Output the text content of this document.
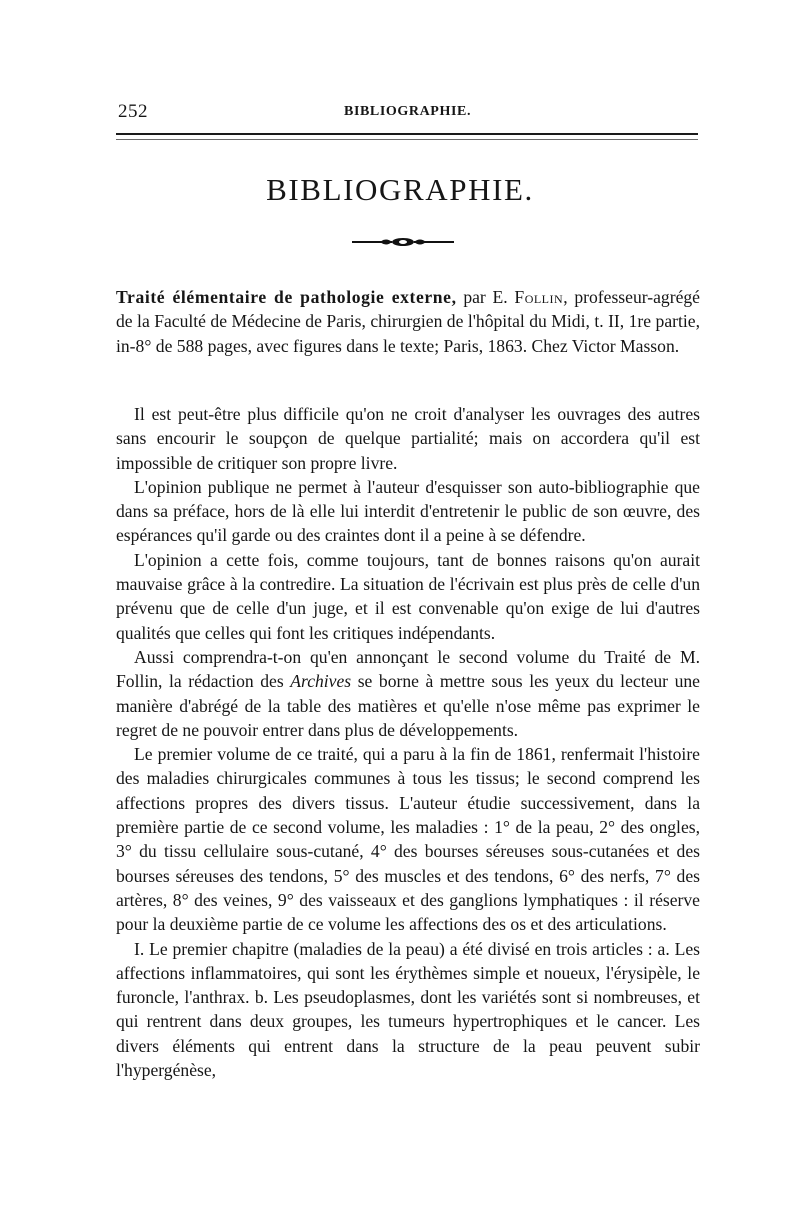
252	BIBLIOGRAPHIE.
BIBLIOGRAPHIE.

Traité élémentaire de pathologie externe, par E. Follin, professeur-agrégé de la Faculté de Médecine de Paris, chirurgien de l'hôpital du Midi, t. II, 1re partie, in-8° de 588 pages, avec figures dans le texte; Paris, 1863. Chez Victor Masson.

Il est peut-être plus difficile qu'on ne croit d'analyser les ouvrages des autres sans encourir le soupçon de quelque partialité; mais on accordera qu'il est impossible de critiquer son propre livre.

L'opinion publique ne permet à l'auteur d'esquisser son auto-bibliographie que dans sa préface, hors de là elle lui interdit d'entretenir le public de son œuvre, des espérances qu'il garde ou des craintes dont il a peine à se défendre.

L'opinion a cette fois, comme toujours, tant de bonnes raisons qu'on aurait mauvaise grâce à la contredire. La situation de l'écrivain est plus près de celle d'un prévenu que de celle d'un juge, et il est convenable qu'on exige de lui d'autres qualités que celles qui font les critiques indépendants.

Aussi comprendra-t-on qu'en annonçant le second volume du Traité de M. Follin, la rédaction des Archives se borne à mettre sous les yeux du lecteur une manière d'abrégé de la table des matières et qu'elle n'ose même pas exprimer le regret de ne pouvoir entrer dans plus de développements.

Le premier volume de ce traité, qui a paru à la fin de 1861, renfermait l'histoire des maladies chirurgicales communes à tous les tissus; le second comprend les affections propres des divers tissus. L'auteur étudie successivement, dans la première partie de ce second volume, les maladies : 1° de la peau, 2° des ongles, 3° du tissu cellulaire sous-cutané, 4° des bourses séreuses sous-cutanées et des bourses séreuses des tendons, 5° des muscles et des tendons, 6° des nerfs, 7° des artères, 8° des veines, 9° des vaisseaux et des ganglions lymphatiques : il réserve pour la deuxième partie de ce volume les affections des os et des articulations.

I. Le premier chapitre (maladies de la peau) a été divisé en trois articles : a. Les affections inflammatoires, qui sont les érythèmes simple et noueux, l'érysipèle, le furoncle, l'anthrax. b. Les pseudoplasmes, dont les variétés sont si nombreuses, et qui rentrent dans deux groupes, les tumeurs hypertrophiques et le cancer. Les divers éléments qui entrent dans la structure de la peau peuvent subir l'hypergénèse,
